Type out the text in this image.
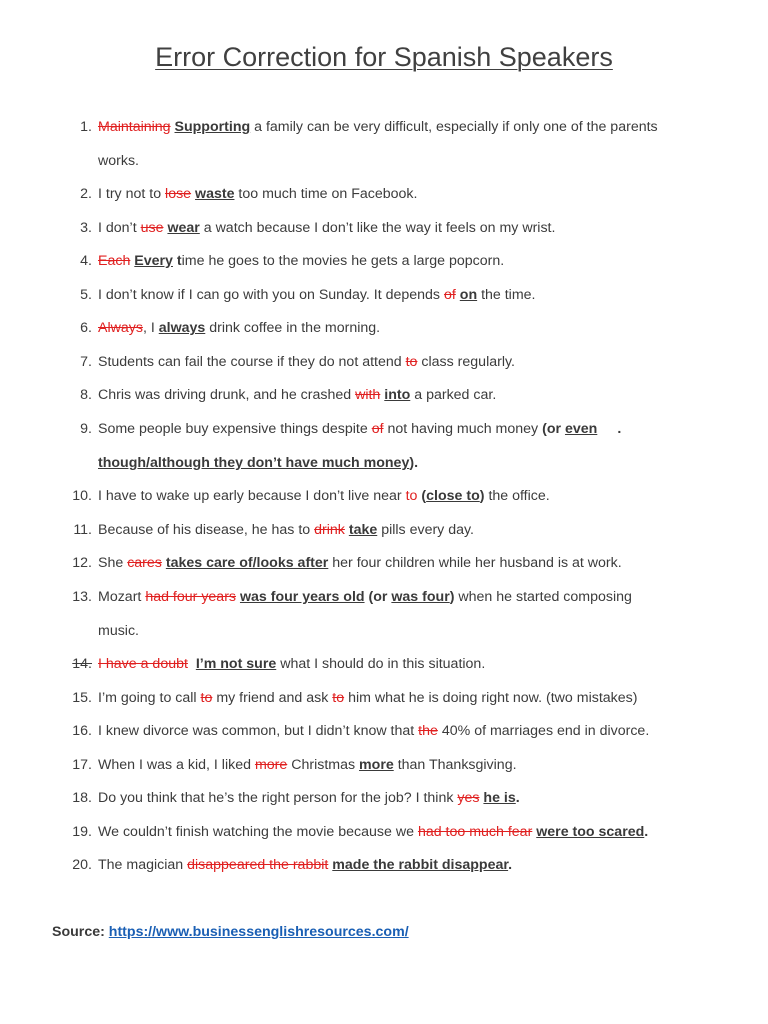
Error Correction for Spanish Speakers
1. Maintaining Supporting a family can be very difficult, especially if only one of the parents
works.
2. I try not to lose waste too much time on Facebook.
3. I don’t use wear a watch because I don’t like the way it feels on my wrist.
4. Each Every time he goes to the movies he gets a large popcorn.
5. I don’t know if I can go with you on Sunday. It depends of on the time.
6. Always, I always drink coffee in the morning.
7. Students can fail the course if they do not attend to class regularly.
8. Chris was driving drunk, and he crashed with into a parked car.
9. Some people buy expensive things despite of not having much money (or even .
though/although they don’t have much money).
10. I have to wake up early because I don’t live near to (close to) the office.
11. Because of his disease, he has to drink take pills every day.
12. She cares takes care of/looks after her four children while her husband is at work.
13. Mozart had four years was four years old (or was four) when he started composing
music.
14. I have a doubt I’m not sure what I should do in this situation.
15. I’m going to call to my friend and ask to him what he is doing right now. (two mistakes)
16. I knew divorce was common, but I didn’t know that the 40% of marriages end in divorce.
17. When I was a kid, I liked more Christmas more than Thanksgiving.
18. Do you think that he’s the right person for the job? I think yes he is.
19. We couldn’t finish watching the movie because we had too much fear were too scared.
20. The magician disappeared the rabbit made the rabbit disappear.
Source: https://www.businessenglishresources.com/
